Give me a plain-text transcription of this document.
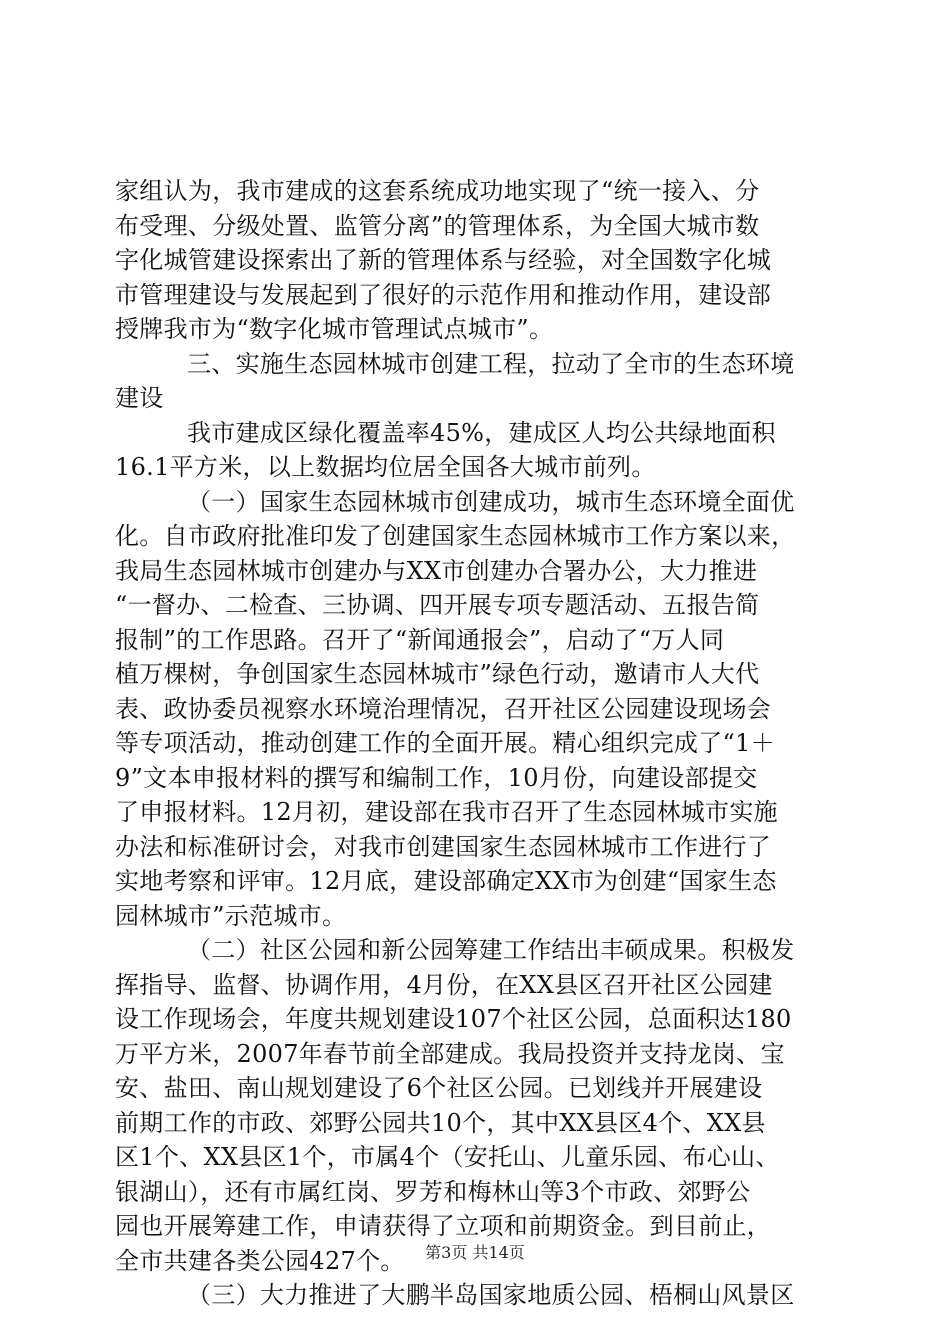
家组认为，我市建成的这套系统成功地实现了“统一接入、分
布受理、分级处置、监管分离”的管理体系，为全国大城市数
字化城管建设探索出了新的管理体系与经验，对全国数字化城
市管理建设与发展起到了很好的示范作用和推动作用，建设部
授牌我市为“数字化城市管理试点城市”。
三、实施生态园林城市创建工程，拉动了全市的生态环境
建设
我市建成区绿化覆盖率45%，建成区人均公共绿地面积
16.1平方米，以上数据均位居全国各大城市前列。
（一）国家生态园林城市创建成功，城市生态环境全面优
化。自市政府批准印发了创建国家生态园林城市工作方案以来，
我局生态园林城市创建办与XX市创建办合署办公，大力推进
“一督办、二检查、三协调、四开展专项专题活动、五报告简
报制”的工作思路。召开了“新闻通报会”，启动了“万人同
植万棵树，争创国家生态园林城市”绿色行动，邀请市人大代
表、政协委员视察水环境治理情况，召开社区公园建设现场会
等专项活动，推动创建工作的全面开展。精心组织完成了“1＋
9”文本申报材料的撰写和编制工作，10月份，向建设部提交
了申报材料。12月初，建设部在我市召开了生态园林城市实施
办法和标准研讨会，对我市创建国家生态园林城市工作进行了
实地考察和评审。12月底，建设部确定XX市为创建“国家生态
园林城市”示范城市。
（二）社区公园和新公园筹建工作结出丰硕成果。积极发
挥指导、监督、协调作用，4月份，在XX县区召开社区公园建
设工作现场会，年度共规划建设107个社区公园，总面积达180
万平方米，2007年春节前全部建成。我局投资并支持龙岗、宝
安、盐田、南山规划建设了6个社区公园。已划线并开展建设
前期工作的市政、郊野公园共10个，其中XX县区4个、XX县
区1个、XX县区1个，市属4个（安托山、儿童乐园、布心山、
银湖山），还有市属红岗、罗芳和梅林山等3个市政、郊野公
园也开展筹建工作，申请获得了立项和前期资金。到目前止，
全市共建各类公园427个。
（三）大力推进了大鹏半岛国家地质公园、梧桐山风景区
第3页 共14页
